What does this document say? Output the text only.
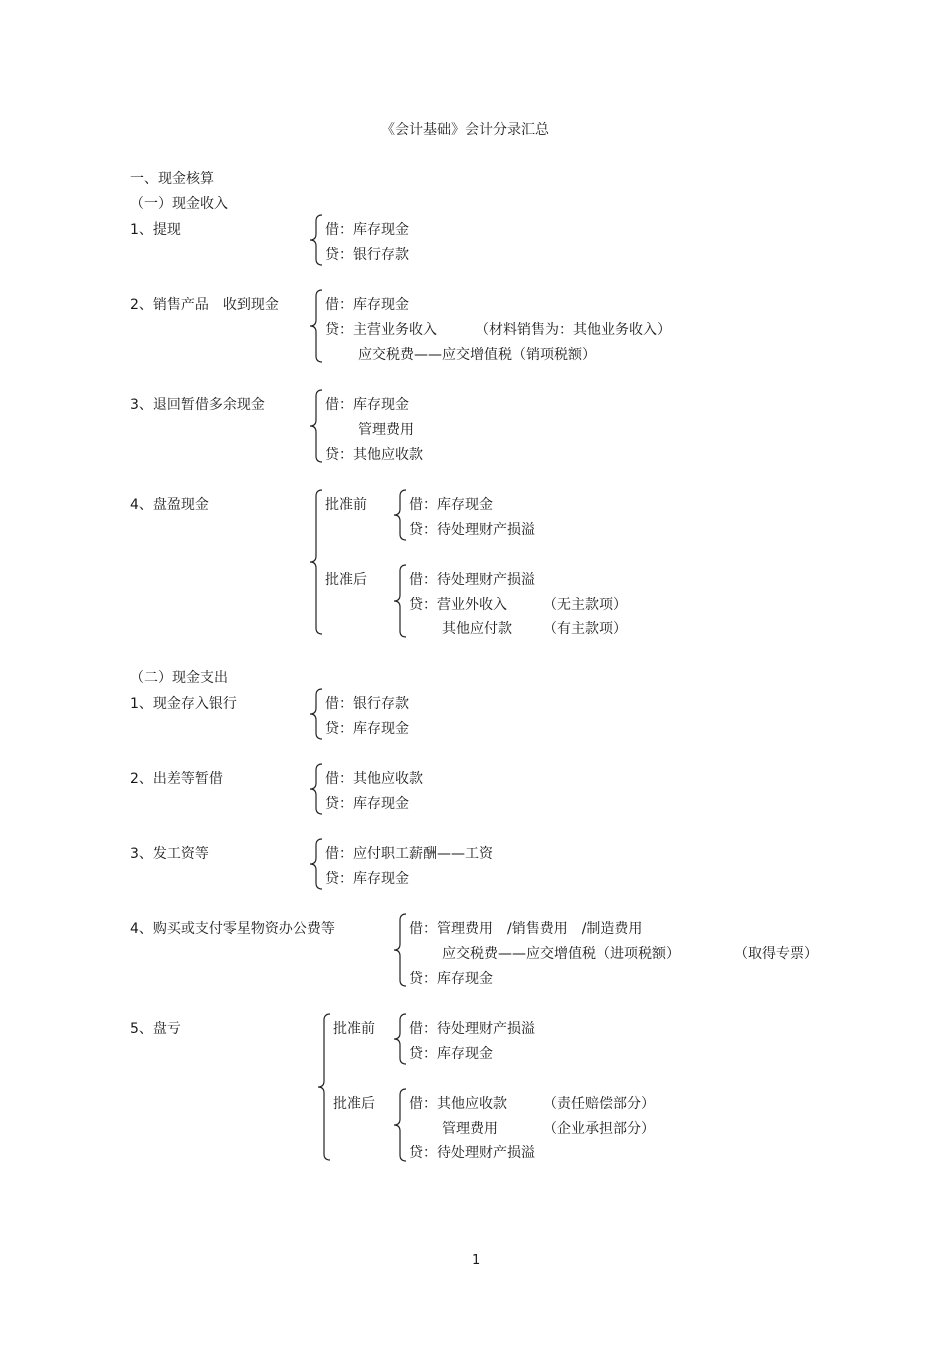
《会计基础》会计分录汇总
一、现金核算
（一）现金收入
1、提现	借：库存现金
贷：银行存款
2、销售产品　收到现金	借：库存现金
贷：主营业务收入	（材料销售为：其他业务收入）
应交税费——应交增值税（销项税额）
3、退回暂借多余现金	借：库存现金
管理费用
贷：其他应收款
4、盘盈现金	批准前	借：库存现金
贷：待处理财产损溢
批准后	借：待处理财产损溢
贷：营业外收入	（无主款项）
其他应付款 （有主款项）
（二）现金支出
1、现金存入银行	借：银行存款
贷：库存现金
2、出差等暂借	借：其他应收款
贷：库存现金
3、发工资等	借：应付职工薪酬——工资
贷：库存现金
4、购买或支付零星物资办公费等	借：管理费用　/销售费用　/制造费用
应交税费——应交增值税（进项税额）	（取得专票）
贷：库存现金
5、盘亏	批准前 借：待处理财产损溢
贷：库存现金
批准后 借：其他应收款	（责任赔偿部分）
管理费用	（企业承担部分）
贷：待处理财产损溢
1
